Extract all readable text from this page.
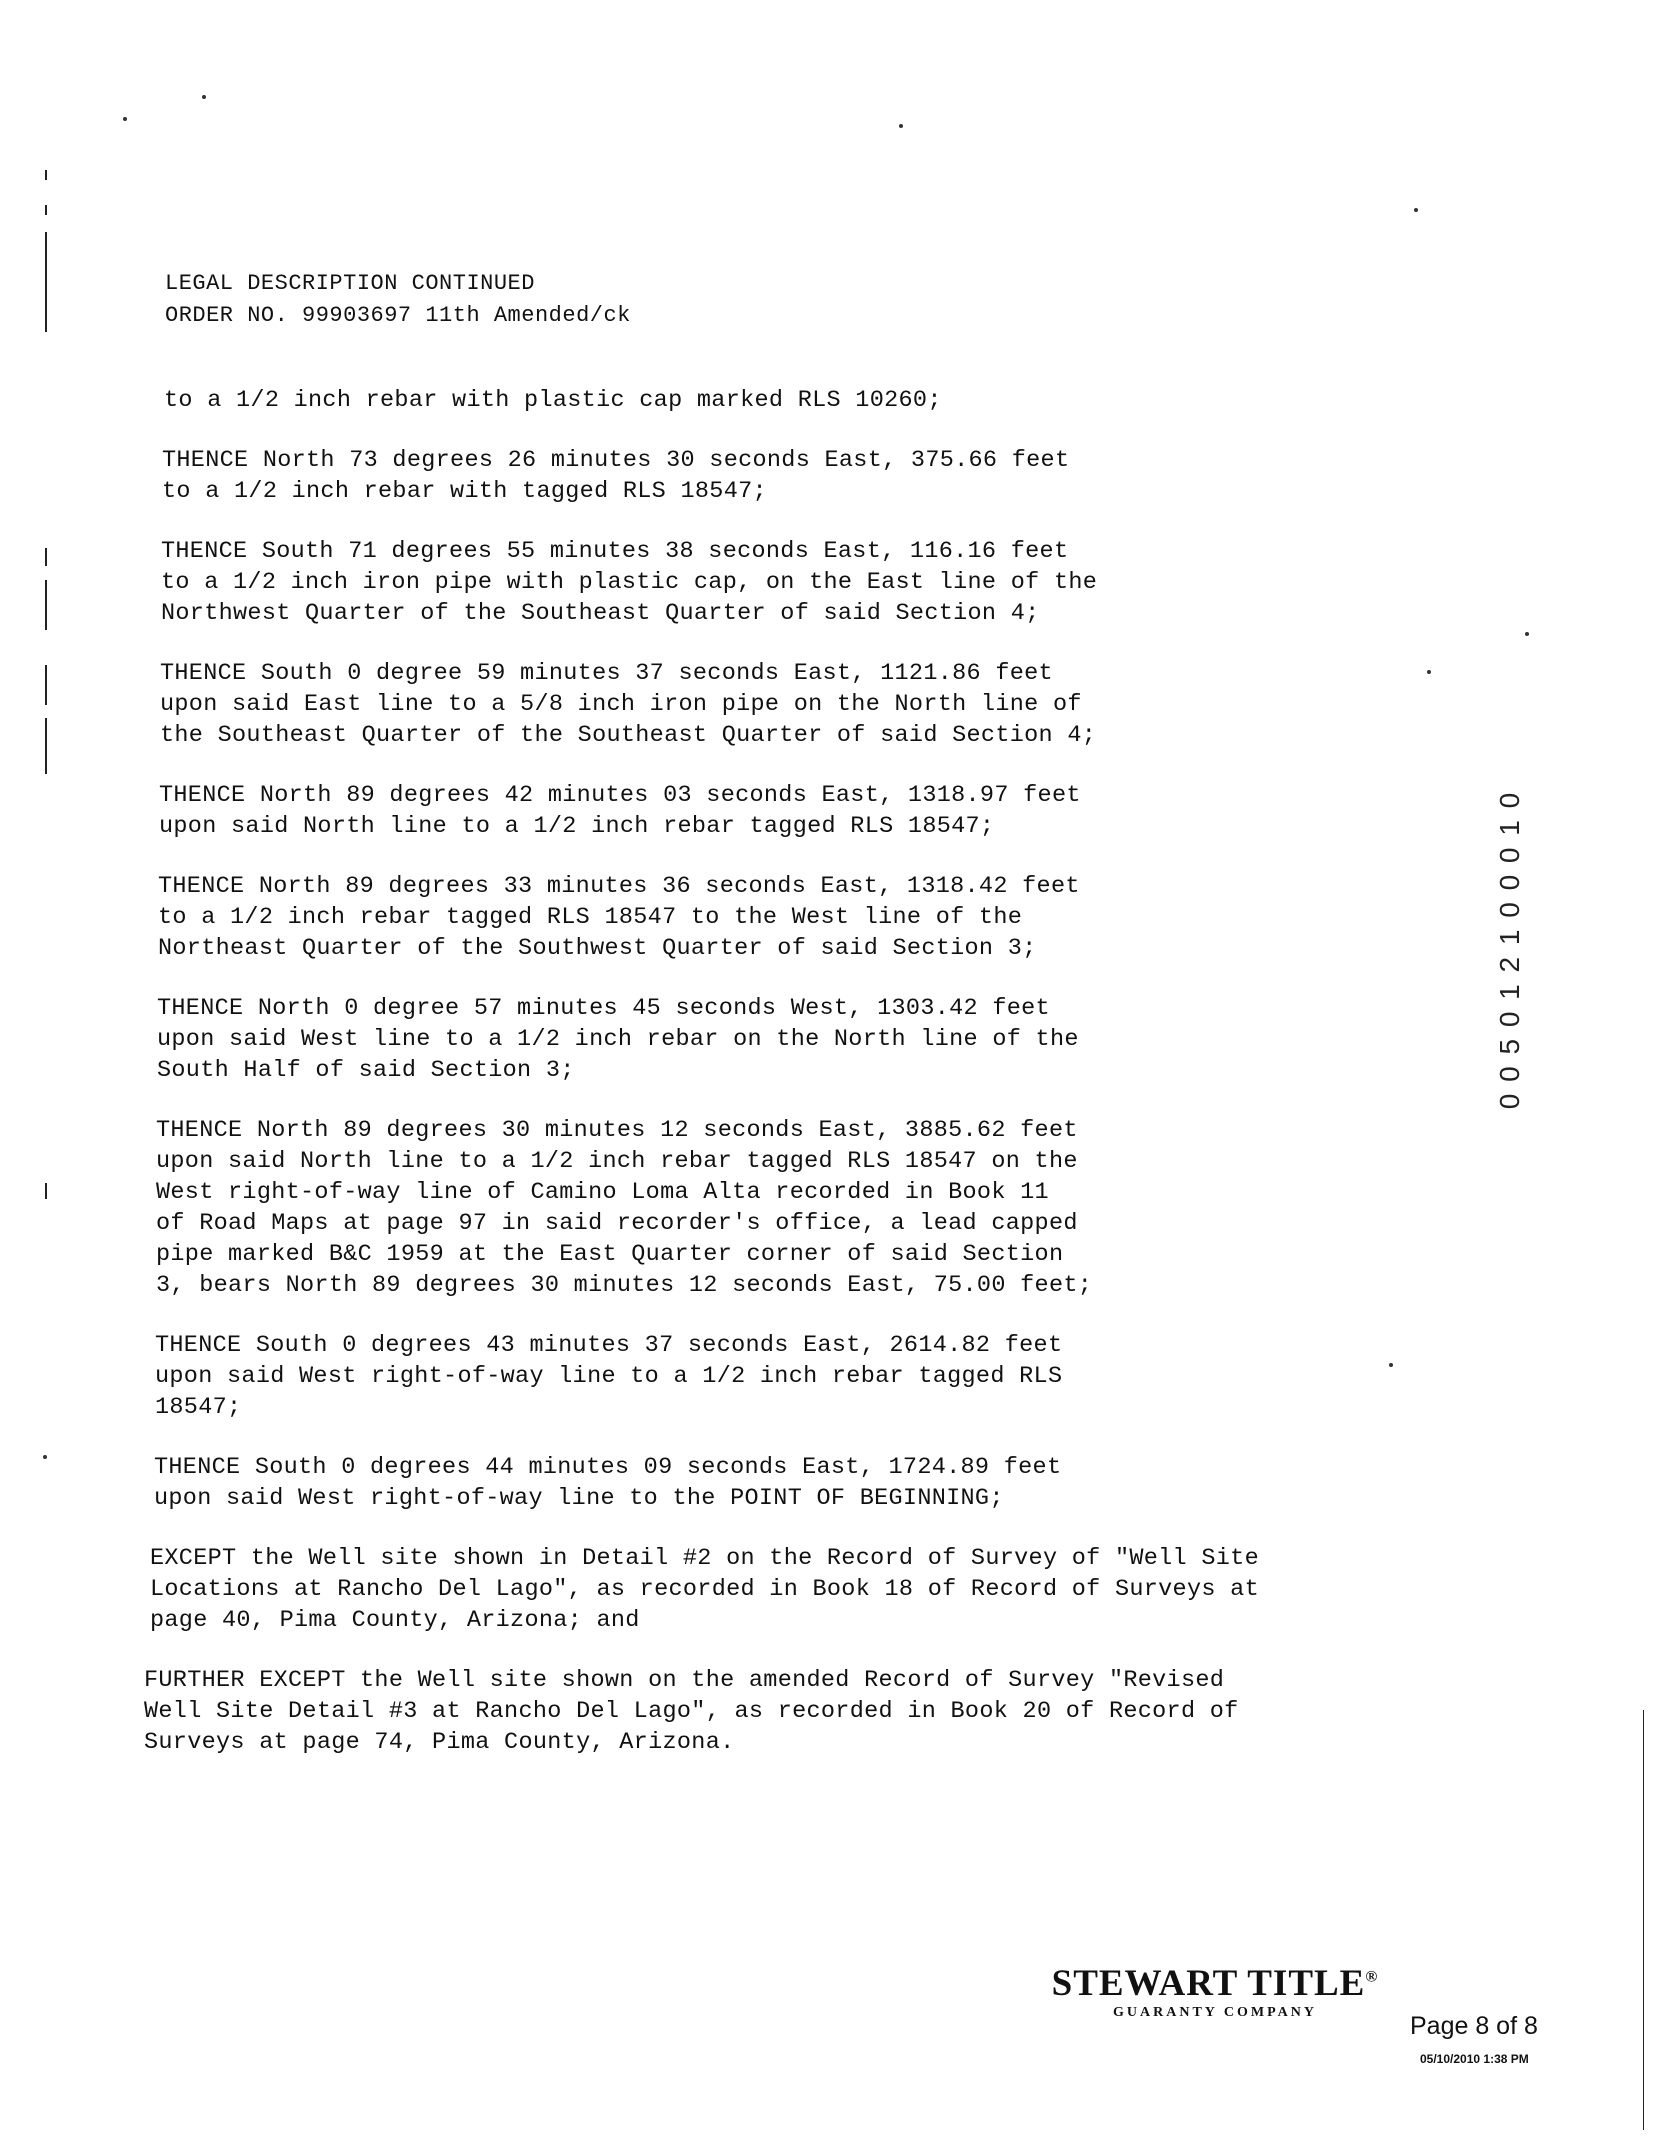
LEGAL DESCRIPTION CONTINUED
ORDER NO. 99903697 11th Amended/ck

to a 1/2 inch rebar with plastic cap marked RLS 10260;

THENCE North 73 degrees 26 minutes 30 seconds East, 375.66 feet
to a 1/2 inch rebar with tagged RLS 18547;

THENCE South 71 degrees 55 minutes 38 seconds East, 116.16 feet
to a 1/2 inch iron pipe with plastic cap, on the East line of the
Northwest Quarter of the Southeast Quarter of said Section 4;

THENCE South 0 degree 59 minutes 37 seconds East, 1121.86 feet
upon said East line to a 5/8 inch iron pipe on the North line of
the Southeast Quarter of the Southeast Quarter of said Section 4;

THENCE North 89 degrees 42 minutes 03 seconds East, 1318.97 feet
upon said North line to a 1/2 inch rebar tagged RLS 18547;

THENCE North 89 degrees 33 minutes 36 seconds East, 1318.42 feet
to a 1/2 inch rebar tagged RLS 18547 to the West line of the
Northeast Quarter of the Southwest Quarter of said Section 3;

THENCE North 0 degree 57 minutes 45 seconds West, 1303.42 feet
upon said West line to a 1/2 inch rebar on the North line of the
South Half of said Section 3;

THENCE North 89 degrees 30 minutes 12 seconds East, 3885.62 feet
upon said North line to a 1/2 inch rebar tagged RLS 18547 on the
West right-of-way line of Camino Loma Alta recorded in Book 11
of Road Maps at page 97 in said recorder's office, a lead capped
pipe marked B&C 1959 at the East Quarter corner of said Section
3, bears North 89 degrees 30 minutes 12 seconds East, 75.00 feet;

THENCE South 0 degrees 43 minutes 37 seconds East, 2614.82 feet
upon said West right-of-way line to a 1/2 inch rebar tagged RLS
18547;

THENCE South 0 degrees 44 minutes 09 seconds East, 1724.89 feet
upon said West right-of-way line to the POINT OF BEGINNING;

EXCEPT the Well site shown in Detail #2 on the Record of Survey of "Well Site
Locations at Rancho Del Lago", as recorded in Book 18 of Record of Surveys at
page 40, Pima County, Arizona; and

FURTHER EXCEPT the Well site shown on the amended Record of Survey "Revised
Well Site Detail #3 at Rancho Del Lago", as recorded in Book 20 of Record of
Surveys at page 74, Pima County, Arizona.

0 0 5 0 1 2 1 0 0 0 1 0
STEWART TITLE®
GUARANTY COMPANY	Page 8 of 8
05/10/2010 1:38 PM
